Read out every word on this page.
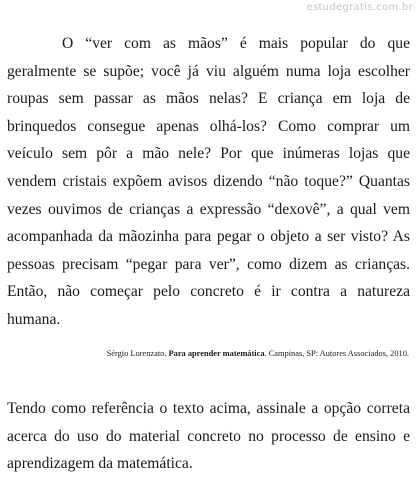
estudegratis.com.br

O “ver com as mãos” é mais popular do que geralmente se supõe; você já viu alguém numa loja escolher roupas sem passar as mãos nelas? E criança em loja de brinquedos consegue apenas olhá-los? Como comprar um veículo sem pôr a mão nele? Por que inúmeras lojas que vendem cristais expõem avisos dizendo “não toque?” Quantas vezes ouvimos de crianças a expressão “dexovê”, a qual vem acompanhada da mãozinha para pegar o objeto a ser visto? As pessoas precisam “pegar para ver”, como dizem as crianças. Então, não começar pelo concreto é ir contra a natureza humana.

Sérgio Lorenzato. Para aprender matemática. Campinas, SP: Autores Associados, 2010.

Tendo como referência o texto acima, assinale a opção correta acerca do uso do material concreto no processo de ensino e aprendizagem da matemática.
